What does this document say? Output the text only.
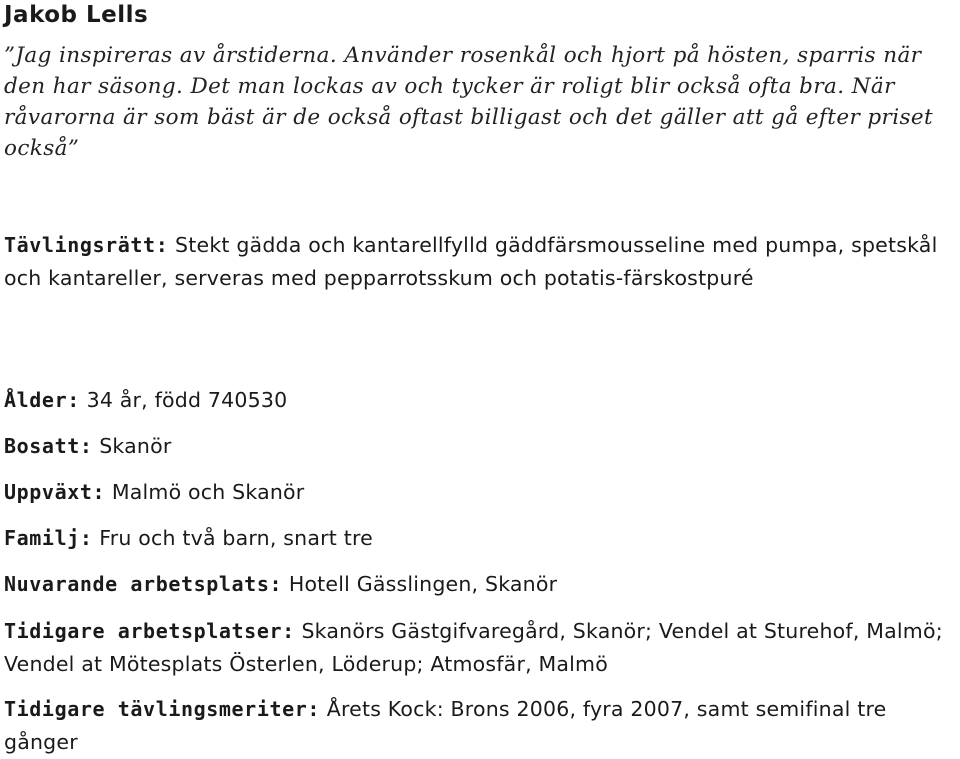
Jakob Lells

”Jag inspireras av årstiderna. Använder rosenkål och hjort på hösten, sparris när den har säsong. Det man lockas av och tycker är roligt blir också ofta bra. När råvarorna är som bäst är de också oftast billigast och det gäller att gå efter priset också”

Tävlingsrätt: Stekt gädda och kantarellfylld gäddfärsmousseline med pumpa, spetskål och kantareller, serveras med pepparrotsskum och potatis-färskostpuré

Ålder: 34 år, född 740530

Bosatt: Skanör

Uppväxt: Malmö och Skanör

Familj: Fru och två barn, snart tre

Nuvarande arbetsplats: Hotell Gässlingen, Skanör

Tidigare arbetsplatser: Skanörs Gästgifvaregård, Skanör; Vendel at Sturehof, Malmö; Vendel at Mötesplats Österlen, Löderup; Atmosfär, Malmö

Tidigare tävlingsmeriter: Årets Kock: Brons 2006, fyra 2007, samt semifinal tre gånger
